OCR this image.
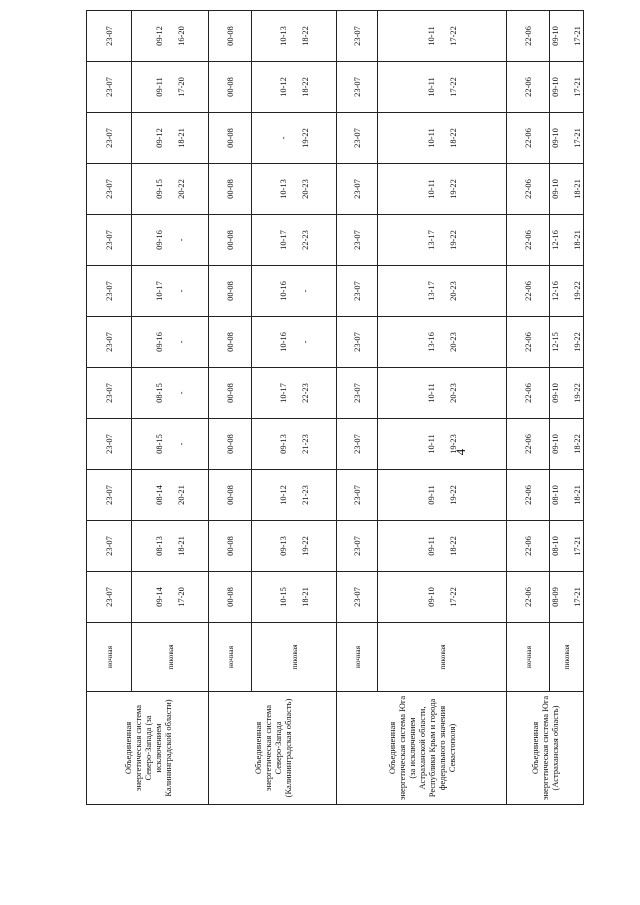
4
Объединенная энергетическая система Северо-Запада (за исключением Калининградской области)	ночная	23-07	23-07	23-07	23-07	23-07	23-07	23-07	23-07	23-07	23-07	23-07	23-07

	пиковая	09-14 17-20	08-13 18-21	08-14 20-21	08-15 -	08-15 -	09-16 -	10-17 -	09-16 -	09-15 20-22	09-12 18-21	09-11 17-20	09-12 16-20

Объединенная энергетическая система Северо-Запада (Калининградская область)	ночная	00-08	00-08	00-08	00-08	00-08	00-08	00-08	00-08	00-08	00-08	00-08	00-08

	пиковая	10-15 18-21	09-13 19-22	10-12 21-23	09-13 21-23	10-17 22-23	10-16 -	10-16 -	10-17 22-23	10-13 20-23	- 19-22	10-12 18-22	10-13 18-22

Объединенная энергетическая система Юга (за исключением Астраханской области, Республики Крым и города федерального значения Севастополя)	ночная	23-07	23-07	23-07	23-07	23-07	23-07	23-07	23-07	23-07	23-07	23-07	23-07

	пиковая	09-10 17-22	09-11 18-22	09-11 19-22	10-11 19-23	10-11 20-23	13-16 20-23	13-17 20-23	13-17 19-22	10-11 19-22	10-11 18-22	10-11 17-22	10-11 17-22

Объединенная энергетическая система Юга (Астраханская область)	ночная	22-06	22-06	22-06	22-06	22-06	22-06	22-06	22-06	22-06	22-06	22-06	22-06

	пиковая	08-09 17-21	08-10 17-21	08-10 18-21	09-10 18-22	09-10 19-22	12-15 19-22	12-16 19-22	12-16 18-21	09-10 18-21	09-10 17-21	09-10 17-21	09-10 17-21
